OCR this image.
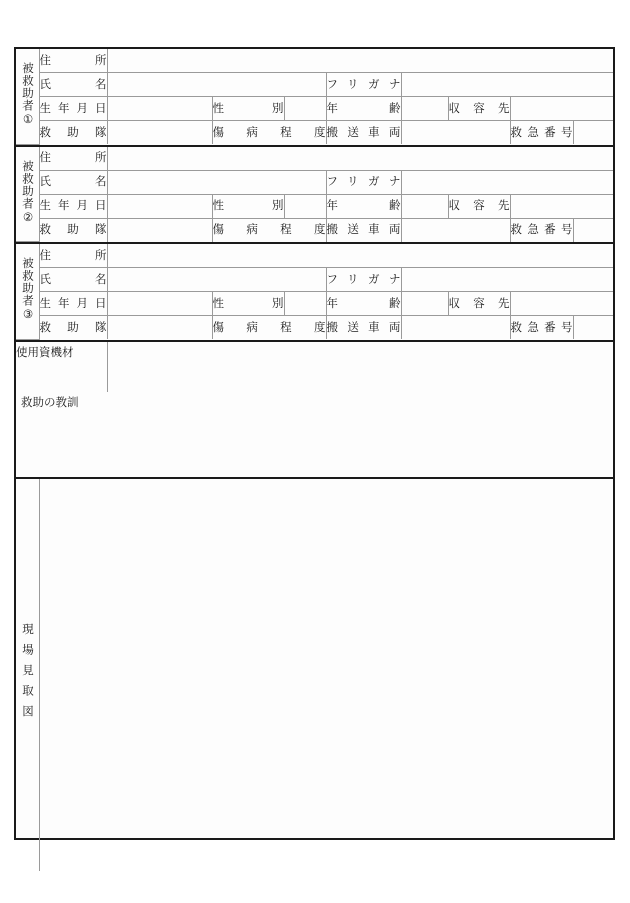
被救助者①	住所								
	氏名				フリガナ				
	生年月日		性別		年齢		収容先		
	救助隊		傷病程度		搬送車両			救急番号	
被救助者②	住所								
	氏名				フリガナ				
	生年月日		性別		年齢		収容先		
	救助隊		傷病程度		搬送車両			救急番号	
被救助者③	住所								
	氏名				フリガナ				
	生年月日		性別		年齢		収容先		
	救助隊		傷病程度		搬送車両			救急番号	
使用資機材	
救助の教訓
現場見取図
